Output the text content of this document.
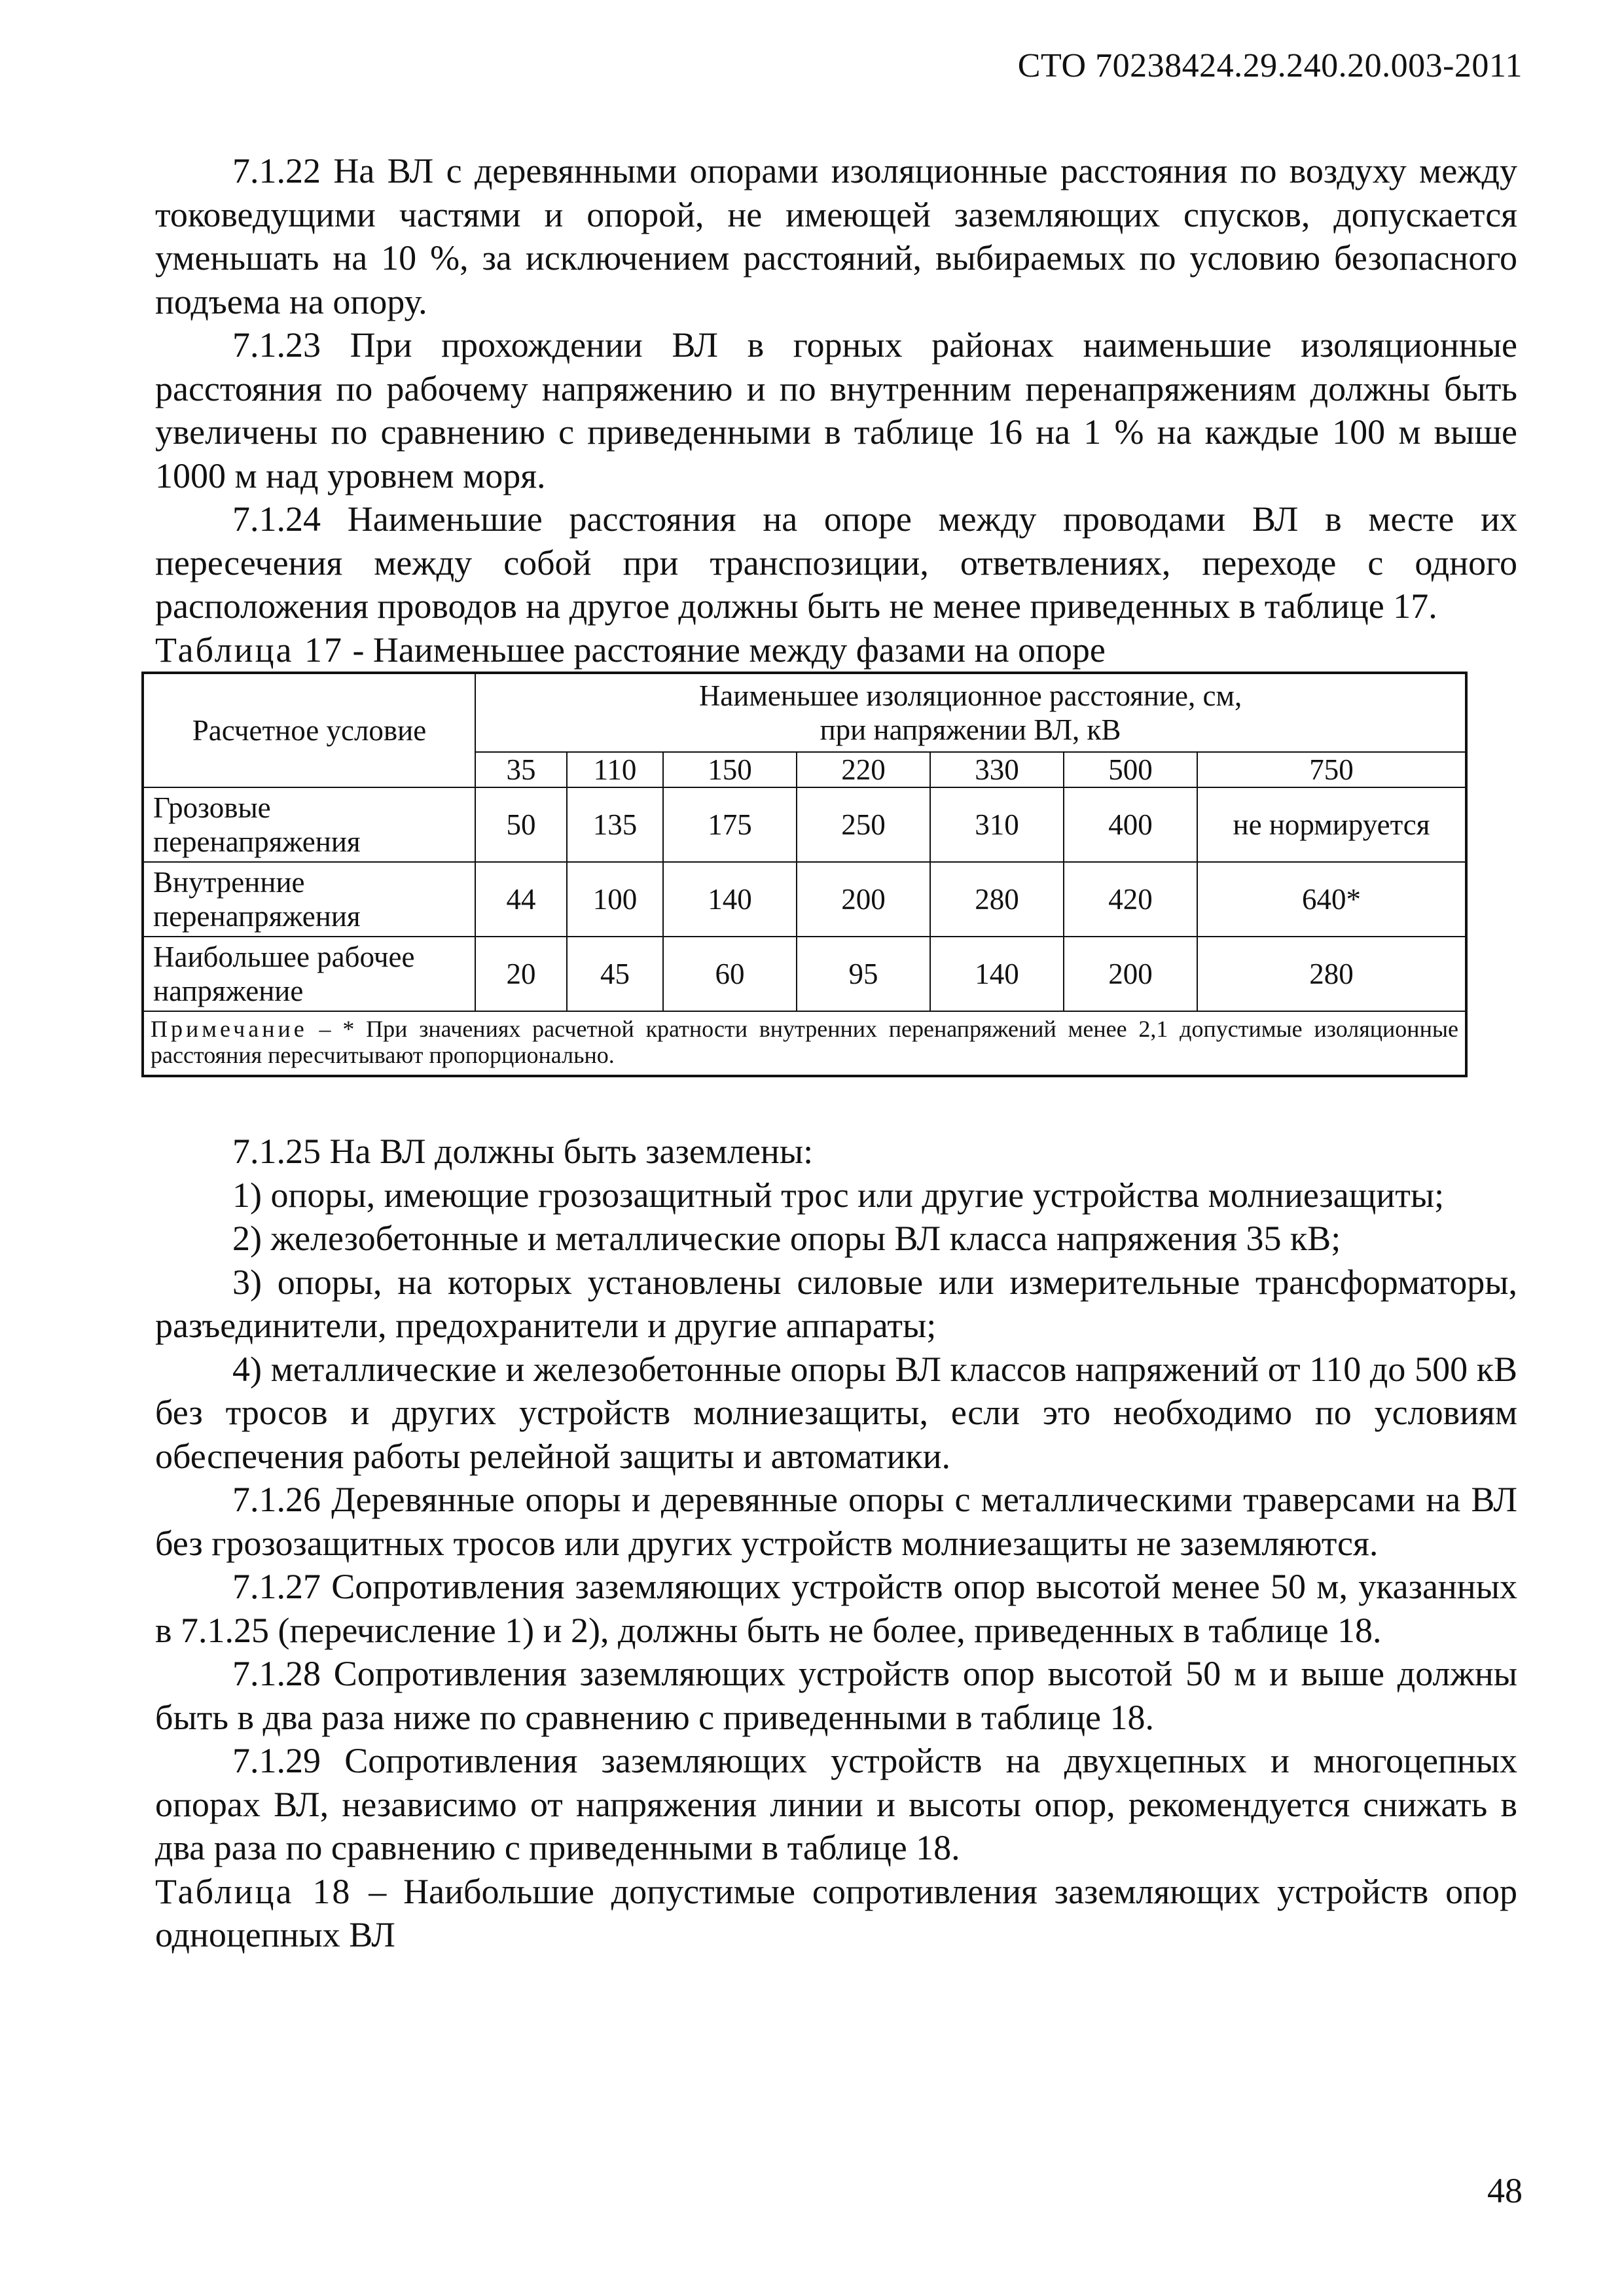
СТО 70238424.29.240.20.003-2011

7.1.22 На ВЛ с деревянными опорами изоляционные расстояния по воздуху между токоведущими частями и опорой, не имеющей заземляющих спусков, допускается уменьшать на 10 %, за исключением расстояний, выбираемых по условию безопасного подъема на опору.

7.1.23 При прохождении ВЛ в горных районах наименьшие изоляционные расстояния по рабочему напряжению и по внутренним перенапряжениям должны быть увеличены по сравнению с приведенными в таблице 16 на 1 % на каждые 100 м выше 1000 м над уровнем моря.

7.1.24 Наименьшие расстояния на опоре между проводами ВЛ в месте их пересечения между собой при транспозиции, ответвлениях, переходе с одного расположения проводов на другое должны быть не менее приведенных в таблице 17.

Таблица 17 - Наименьшее расстояние между фазами на опоре

Расчетное условие	Наименьшее изоляционное расстояние, см,
при напряжении ВЛ, кВ						

	35	110	150	220	330	500	750
Грозовые перенапряжения	50	135	175	250	310	400	не нормируется
Внутренние перенапряжения	44	100	140	200	280	420	640*
Наибольшее рабочее напряжение	20	45	60	95	140	200	280
Примечание – * При значениях расчетной кратности внутренних перенапряжений менее 2,1 допустимые изоляционные расстояния пересчитывают пропорционально.							

7.1.25 На ВЛ должны быть заземлены:

1) опоры, имеющие грозозащитный трос или другие устройства молниезащиты;

2) железобетонные и металлические опоры ВЛ класса напряжения 35 кВ;

3) опоры, на которых установлены силовые или измерительные трансформаторы, разъединители, предохранители и другие аппараты;

4) металлические и железобетонные опоры ВЛ классов напряжений от 110 до 500 кВ без тросов и других устройств молниезащиты, если это необходимо по условиям обеспечения работы релейной защиты и автоматики.

7.1.26 Деревянные опоры и деревянные опоры с металлическими траверсами на ВЛ без грозозащитных тросов или других устройств молниезащиты не заземляются.

7.1.27 Сопротивления заземляющих устройств опор высотой менее 50 м, указанных в 7.1.25 (перечисление 1) и 2), должны быть не более, приведенных в таблице 18.

7.1.28 Сопротивления заземляющих устройств опор высотой 50 м и выше должны быть в два раза ниже по сравнению с приведенными в таблице 18.

7.1.29 Сопротивления заземляющих устройств на двухцепных и многоцепных опорах ВЛ, независимо от напряжения линии и высоты опор, рекомендуется снижать в два раза по сравнению с приведенными в таблице 18.

Таблица 18 – Наибольшие допустимые сопротивления заземляющих устройств опор одноцепных ВЛ

48
